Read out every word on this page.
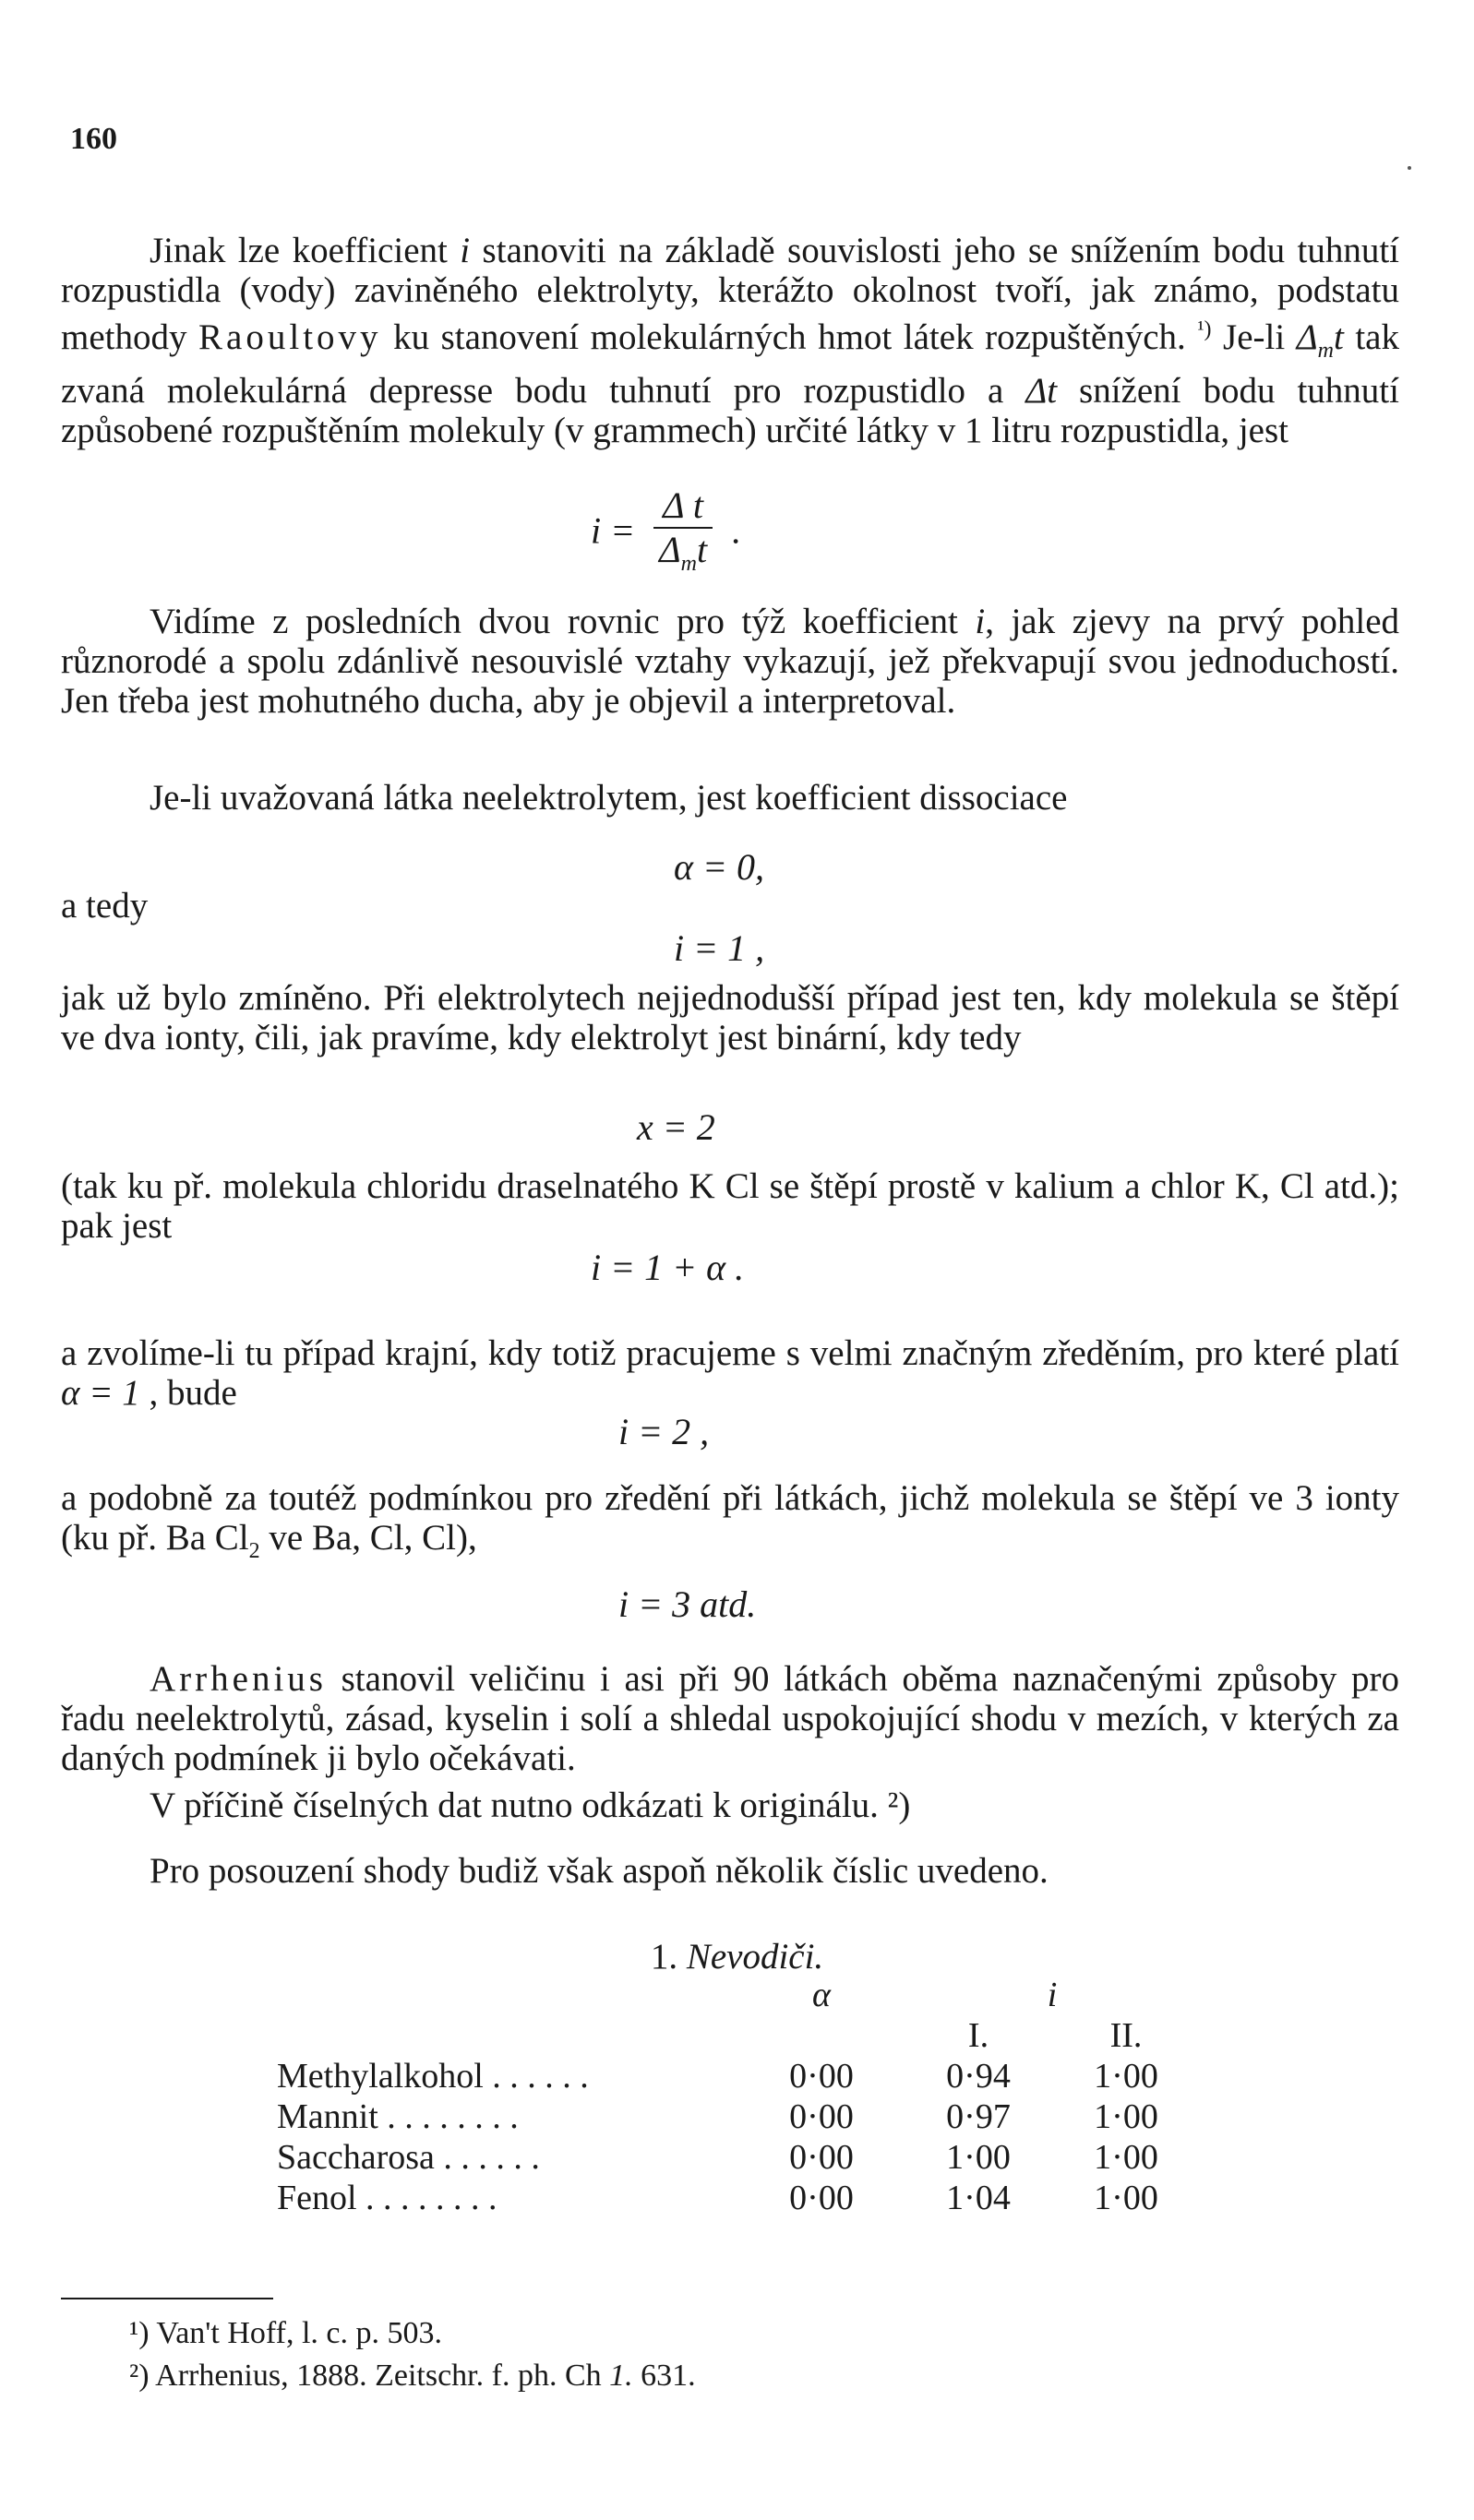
160

Jinak lze koefficient i stanoviti na základě souvislosti jeho se snížením bodu tuhnutí rozpustidla (vody) zaviněného elektrolyty, kterážto okolnost tvoří, jak známo, podstatu methody Raoultovy ku stanovení molekulárných hmot látek rozpuštěných. $^{^1)}$ Je-li $\Delta_mt$ tak zvaná molekulárná depresse bodu tuhnutí pro rozpustidlo a Δt snížení bodu tuhnutí způsobené rozpuštěním molekuly (v grammech) určité látky v 1 litru rozpustidla, jest

$i = \frac{\text{Δ t}}{\Delta_mt}$ .

Vidíme z posledních dvou rovnic pro týž koefficient i, jak zjevy na prvý pohled různorodé a spolu zdánlivě nesouvislé vztahy vykazují, jež překvapují svou jednoduchostí. Jen třeba jest mohutného ducha, aby je objevil a interpretoval.

Je-li uvažovaná látka neelektrolytem, jest koefficient dissociace

α = 0,

a tedy

i = 1 ,

jak už bylo zmíněno. Při elektrolytech nejjednodušší případ jest ten, kdy molekula se štěpí ve dva ionty, čili, jak pravíme, kdy elektrolyt jest binární, kdy tedy

x = 2

(tak ku př. molekula chloridu draselnatého K Cl se štěpí prostě v kalium a chlor K, Cl atd.); pak jest

i = 1 + α .

a zvolíme-li tu případ krajní, kdy totiž pracujeme s velmi značným zředěním, pro které platí α = 1 , bude

i = 2 ,

a podobně za toutéž podmínkou pro zředění při látkách, jichž molekula se štěpí ve 3 ionty (ku př. Ba $Cl_2$ ve Ba, Cl, Cl),

i = 3 atd.

Arrhenius stanovil veličinu i asi při 90 látkách oběma naznačenými způsoby pro řadu neelektrolytů, zásad, kyselin i solí a shledal uspokojující shodu v mezích, v kterých za daných podmínek ji bylo očekávati.

V příčině číselných dat nutno odkázati k originálu. ²)

Pro posouzení shody budiž však aspoň několik číslic uvedeno.

1. Nevodiči.
α	i
I.	II.
Methylalkohol . . . . . .	0·00	0·94	1·00
Mannit . . . . . . . .	0·00	0·97	1·00
Saccharosa . . . . . .	0·00	1·00	1·00
Fenol . . . . . . . .	0·00	1·04	1·00
¹) Van't Hoff, l. c. p. 503.
²) Arrhenius, 1888. Zeitschr. f. ph. Ch 1. 631.
